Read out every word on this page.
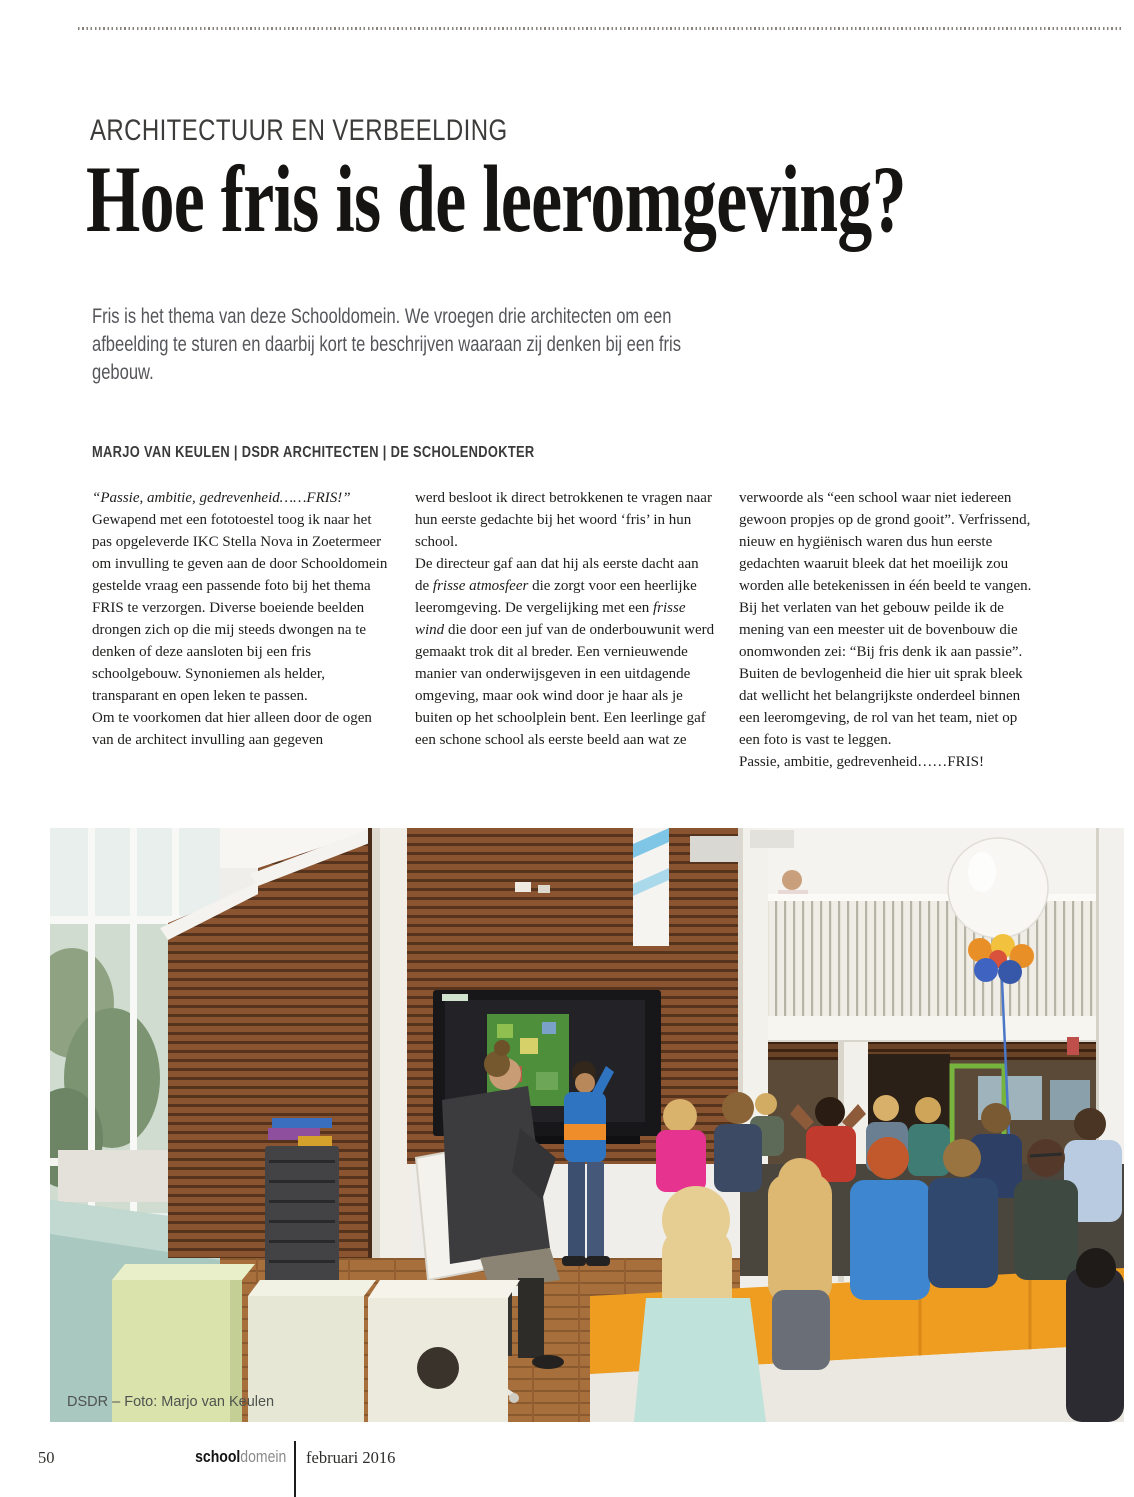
ARCHITECTUUR EN VERBEELDING
Hoe fris is de leeromgeving?
Fris is het thema van deze Schooldomein. We vroegen drie architecten om een afbeelding te sturen en daarbij kort te beschrijven waaraan zij denken bij een fris gebouw.
MARJO VAN KEULEN | DSDR ARCHITECTEN | DE SCHOLENDOKTER

“Passie, ambitie, gedrevenheid……FRIS!”

Gewapend met een fototoestel toog ik naar het pas opgeleverde IKC Stella Nova in Zoetermeer om invulling te geven aan de door Schooldomein gestelde vraag een passende foto bij het thema FRIS te verzorgen. Diverse boeiende beelden drongen zich op die mij steeds dwongen na te denken of deze aansloten bij een fris schoolgebouw. Synoniemen als helder, transparant en open leken te passen.

Om te voorkomen dat hier alleen door de ogen van de architect invulling aan gegeven

werd besloot ik direct betrokkenen te vragen naar hun eerste gedachte bij het woord ‘fris’ in hun school.

De directeur gaf aan dat hij als eerste dacht aan de frisse atmosfeer die zorgt voor een heerlijke leeromgeving. De vergelijking met een frisse wind die door een juf van de onderbouwunit werd gemaakt trok dit al breder. Een vernieuwende manier van onderwijsgeven in een uitdagende omgeving, maar ook wind door je haar als je buiten op het schoolplein bent. Een leerlinge gaf een schone school als eerste beeld aan wat ze

verwoorde als “een school waar niet iedereen gewoon propjes op de grond gooit”. Verfrissend, nieuw en hygiënisch waren dus hun eerste gedachten waaruit bleek dat het moeilijk zou worden alle betekenissen in één beeld te vangen. Bij het verlaten van het gebouw peilde ik de mening van een meester uit de bovenbouw die onomwonden zei: “Bij fris denk ik aan passie”. Buiten de bevlogenheid die hier uit sprak bleek dat wellicht het belangrijkste onderdeel binnen een leeromgeving, de rol van het team, niet op een foto is vast te leggen.

Passie, ambitie, gedrevenheid……FRIS!

DSDR – Foto: Marjo van Keulen
50	schooldomein februari 2016
